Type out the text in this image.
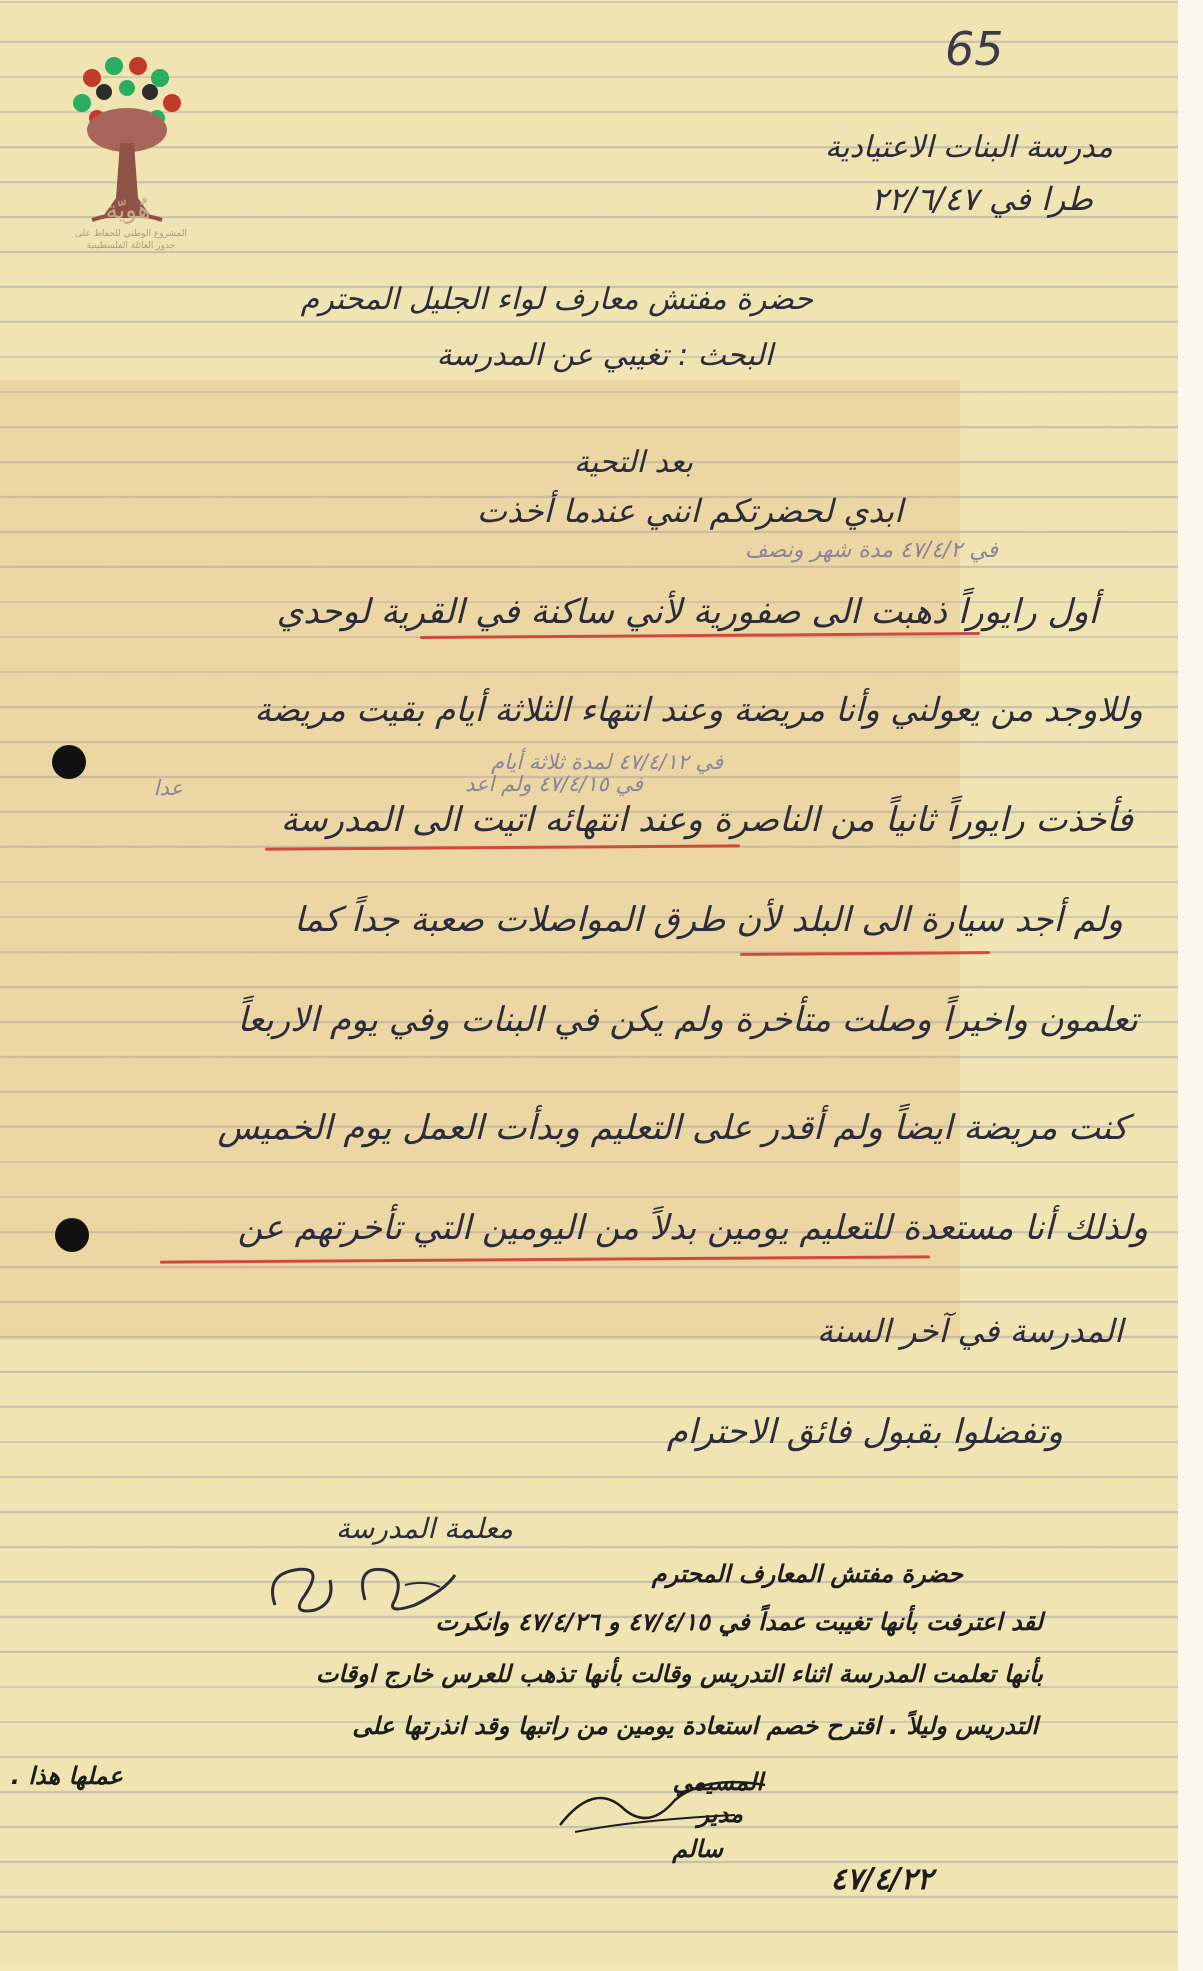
هُويّة
المشروع الوطني للحفاظ على
جذور العائلة الفلسطينية
65
مدرسة البنات الاعتيادية
طرا في ٢٢/٦/٤٧
حضرة مفتش معارف لواء الجليل المحترم
البحث : تغيبي عن المدرسة
بعد التحية
ابدي لحضرتكم انني عندما أخذت
في ٤٧/٤/٢ مدة شهر ونصف
أول رايوراً ذهبت الى صفورية لأني ساكنة في القرية لوحدي
وللاوجد من يعولني وأنا مريضة وعند انتهاء الثلاثة أيام بقيت مريضة
في ٤٧/٤/١٢ لمدة ثلاثة أيام
في ٤٧/٤/١٥ ولم اعد
عدا
فأخذت رايوراً ثانياً من الناصرة وعند انتهائه اتيت الى المدرسة
ولم أجد سيارة الى البلد لأن طرق المواصلات صعبة جداً كما
تعلمون واخيراً وصلت متأخرة ولم يكن في البنات وفي يوم الاربعاً
كنت مريضة ايضاً ولم أقدر على التعليم وبدأت العمل يوم الخميس
ولذلك أنا مستعدة للتعليم يومين بدلاً من اليومين التي تأخرتهم عن
المدرسة في آخر السنة
وتفضلوا بقبول فائق الاحترام
معلمة المدرسة
حضرة مفتش المعارف المحترم
لقد اعترفت بأنها تغيبت عمداً في ٤٧/٤/١٥ و ٤٧/٤/٢٦ وانكرت
بأنها تعلمت المدرسة اثناء التدريس وقالت بأنها تذهب للعرس خارج اوقات
التدريس وليلاً . اقترح خصم استعادة يومين من راتبها وقد انذرتها على
عملها هذا .	المسيمي
مدير
سالم
٤٧/٤/٢٢
